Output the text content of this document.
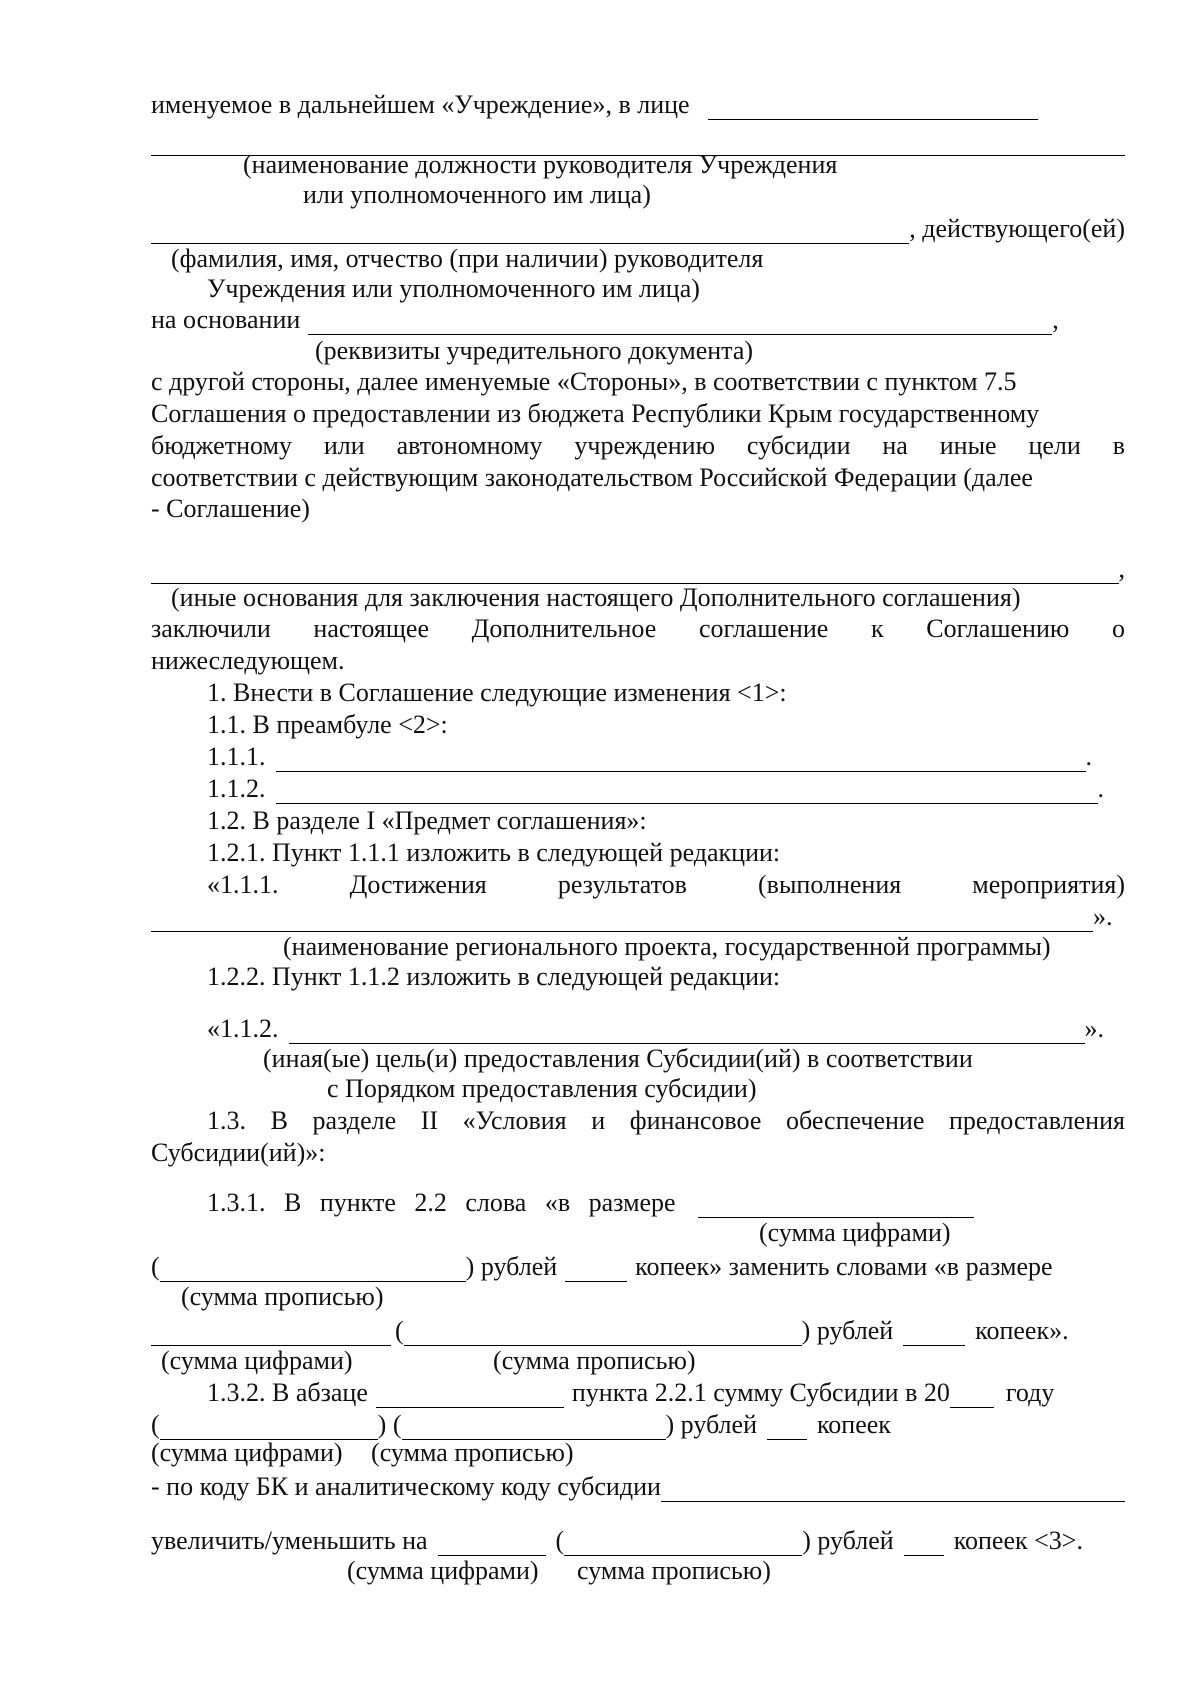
именуемое в дальнейшем «Учреждение», в лице
(наименование должности руководителя Учреждения
или уполномоченного им лица)
, действующего(ей)
(фамилия, имя, отчество (при наличии) руководителя
Учреждения или уполномоченного им лица)
на основании	,
(реквизиты учредительного документа)
с другой стороны, далее именуемые «Стороны», в соответствии с пунктом 7.5
Соглашения о предоставлении из бюджета Республики Крым государственному
бюджетному или автономному учреждению субсидии на иные цели в
соответствии с действующим законодательством Российской Федерации (далее
- Соглашение)
,
(иные основания для заключения настоящего Дополнительного соглашения)
заключили настоящее Дополнительное соглашение к Соглашению о
нижеследующем.
1. Внести в Соглашение следующие изменения <1>:
1.1. В преамбуле <2>:
1.1.1.	.
1.1.2.	.
1.2. В разделе I «Предмет соглашения»:
1.2.1. Пункт 1.1.1 изложить в следующей редакции:
«1.1.1.	Достижения	результатов	(выполнения	мероприятия)
».
(наименование регионального проекта, государственной программы)
1.2.2. Пункт 1.1.2 изложить в следующей редакции:
«1.1.2.	».
(иная(ые) цель(и) предоставления Субсидии(ий) в соответствии
с Порядком предоставления субсидии)
1.3. В разделе II «Условия и финансовое обеспечение предоставления
Субсидии(ий)»:
1.3.1. В пункте 2.2 слова «в размере
(сумма цифрами)
(	) рублей	копеек» заменить словами «в размере
(сумма прописью)
(	) рублей	копеек».
(сумма цифрами)	(сумма прописью)
1.3.2. В абзаце	пункта 2.2.1 сумму Субсидии в 20 году
(	) (	) рублей копеек
(сумма цифрами) (сумма прописью)
- по коду БК и аналитическому коду субсидии
увеличить/уменьшить на	(	) рублей копеек <3>.
(сумма цифрами) сумма прописью)
